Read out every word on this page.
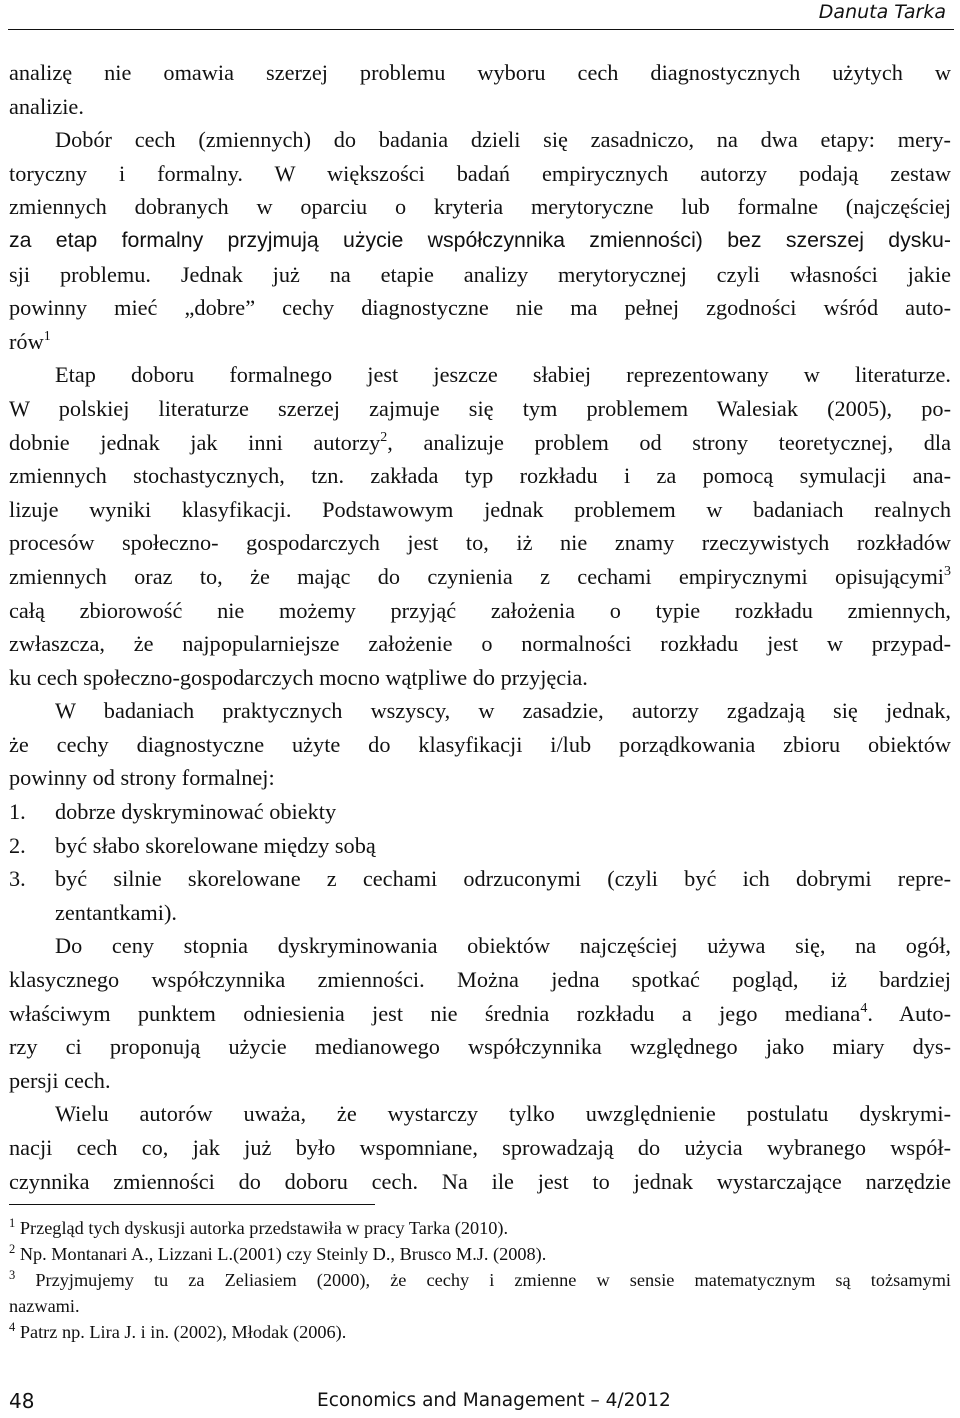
Danuta Tarka

analizę nie omawia szerzej problemu wyboru cech diagnostycznych użytych w
analizie.

Dobór cech (zmiennych) do badania dzieli się zasadniczo, na dwa etapy: mery-
toryczny i formalny. W większości badań empirycznych autorzy podają zestaw
zmiennych dobranych w oparciu o kryteria merytoryczne lub formalne (najczęściej
za etap formalny przyjmują użycie współczynnika zmienności) bez szerszej dysku-
sji problemu. Jednak już na etapie analizy merytorycznej czyli własności jakie
powinny mieć „dobre” cechy diagnostyczne nie ma pełnej zgodności wśród auto-
rów$^1$

Etap doboru formalnego jest jeszcze słabiej reprezentowany w literaturze.
W polskiej literaturze szerzej zajmuje się tym problemem Walesiak (2005), po-
dobnie jednak jak inni autorzy$^2$, analizuje problem od strony teoretycznej, dla
zmiennych stochastycznych, tzn. zakłada typ rozkładu i za pomocą symulacji ana-
lizuje wyniki klasyfikacji. Podstawowym jednak problemem w badaniach realnych
procesów społeczno- gospodarczych jest to, iż nie znamy rzeczywistych rozkładów
zmiennych oraz to, że mając do czynienia z cechami empirycznymi opisującymi$^3$
całą zbiorowość nie możemy przyjąć założenia o typie rozkładu zmiennych,
zwłaszcza, że najpopularniejsze założenie o normalności rozkładu jest w przypad-
ku cech społeczno-gospodarczych mocno wątpliwe do przyjęcia.

W badaniach praktycznych wszyscy, w zasadzie, autorzy zgadzają się jednak,
że cechy diagnostyczne użyte do klasyfikacji i/lub porządkowania zbioru obiektów
powinny od strony formalnej:

1. dobrze dyskryminować obiekty
2. być słabo skorelowane między sobą
3. być silnie skorelowane z cechami odrzuconymi (czyli być ich dobrymi repre-
zentantkami).

Do ceny stopnia dyskryminowania obiektów najczęściej używa się, na ogół,
klasycznego współczynnika zmienności. Można jedna spotkać pogląd, iż bardziej
właściwym punktem odniesienia jest nie średnia rozkładu a jego mediana$^4$. Auto-
rzy ci proponują użycie medianowego współczynnika względnego jako miary dys-
persji cech.

Wielu autorów uważa, że wystarczy tylko uwzględnienie postulatu dyskrymi-
nacji cech co, jak już było wspomniane, sprowadzają do użycia wybranego współ-
czynnika zmienności do doboru cech. Na ile jest to jednak wystarczające narzędzie

$^1$ Przegląd tych dyskusji autorka przedstawiła w pracy Tarka (2010).

$^2$ Np. Montanari A., Lizzani L.(2001) czy Steinly D., Brusco M.J. (2008).

$^3$ Przyjmujemy tu za Zeliasiem (2000), że cechy i zmienne w sensie matematycznym są tożsamymi
nazwami.

$^4$ Patrz np. Lira J. i in. (2002), Młodak (2006).

48	Economics and Management – 4/2012
